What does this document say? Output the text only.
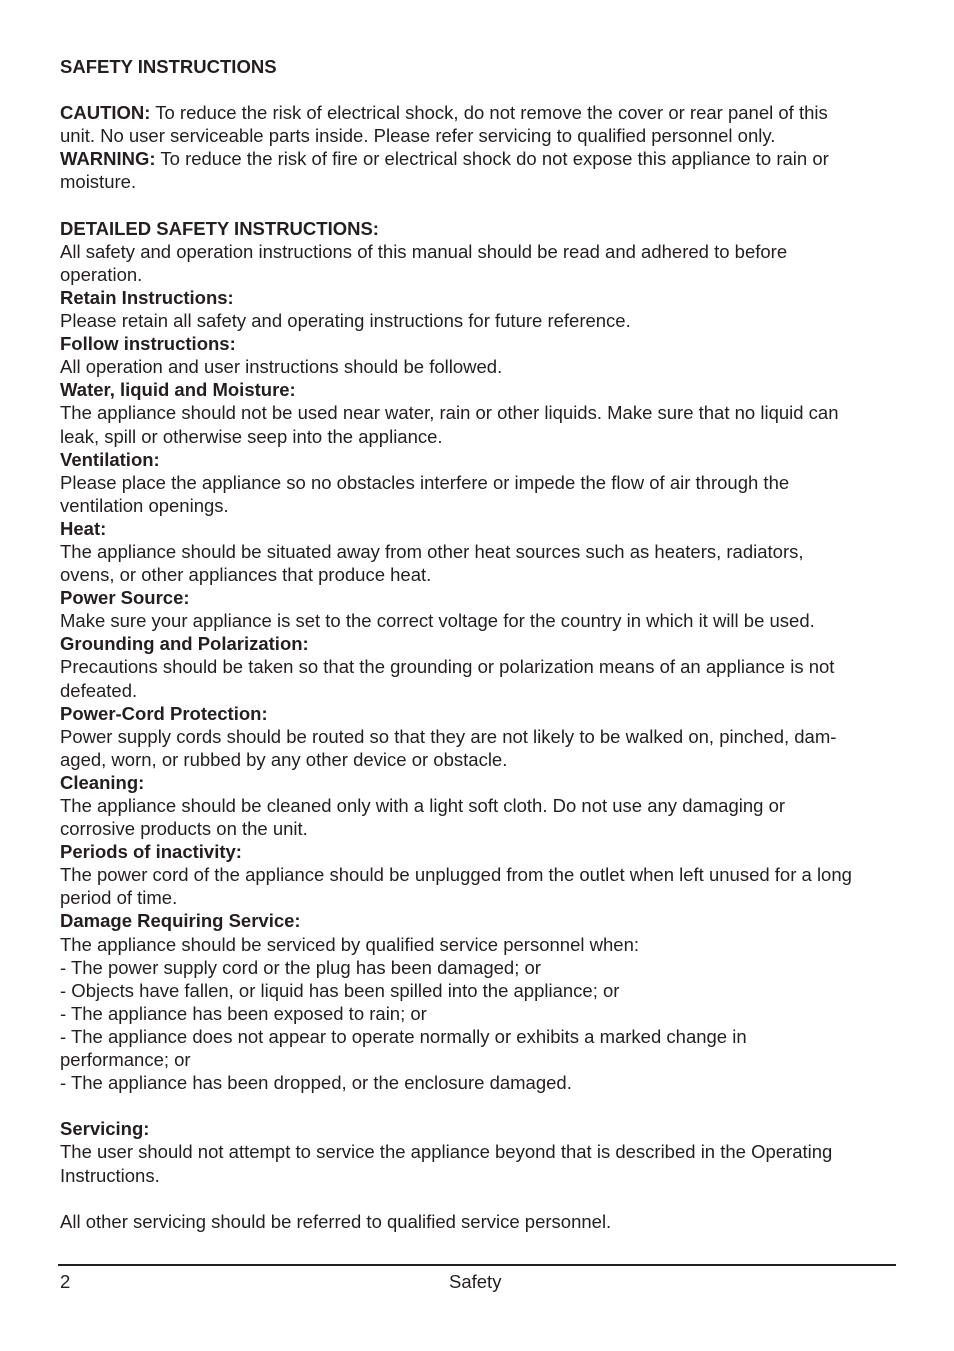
SAFETY INSTRUCTIONS
CAUTION: To reduce the risk of electrical shock, do not remove the cover or rear panel of this
unit. No user serviceable parts inside. Please refer servicing to qualified personnel only.
WARNING: To reduce the risk of fire or electrical shock do not expose this appliance to rain or
moisture.
DETAILED SAFETY INSTRUCTIONS:
All safety and operation instructions of this manual should be read and adhered to before
operation.
Retain Instructions:
Please retain all safety and operating instructions for future reference.
Follow instructions:
All operation and user instructions should be followed.
Water, liquid and Moisture:
The appliance should not be used near water, rain or other liquids. Make sure that no liquid can
leak, spill or otherwise seep into the appliance.
Ventilation:
Please place the appliance so no obstacles interfere or impede the flow of air through the
ventilation openings.
Heat:
The appliance should be situated away from other heat sources such as heaters, radiators,
ovens, or other appliances that produce heat.
Power Source:
Make sure your appliance is set to the correct voltage for the country in which it will be used.
Grounding and Polarization:
Precautions should be taken so that the grounding or polarization means of an appliance is not
defeated.
Power-Cord Protection:
Power supply cords should be routed so that they are not likely to be walked on, pinched, dam-
aged, worn, or rubbed by any other device or obstacle.
Cleaning:
The appliance should be cleaned only with a light soft cloth. Do not use any damaging or
corrosive products on the unit.
Periods of inactivity:
The power cord of the appliance should be unplugged from the outlet when left unused for a long
period of time.
Damage Requiring Service:
The appliance should be serviced by qualified service personnel when:
- The power supply cord or the plug has been damaged; or
- Objects have fallen, or liquid has been spilled into the appliance; or
- The appliance has been exposed to rain; or
- The appliance does not appear to operate normally or exhibits a marked change in
performance; or
- The appliance has been dropped, or the enclosure damaged.
Servicing:
The user should not attempt to service the appliance beyond that is described in the Operating
Instructions.
All other servicing should be referred to qualified service personnel.
2	Safety
